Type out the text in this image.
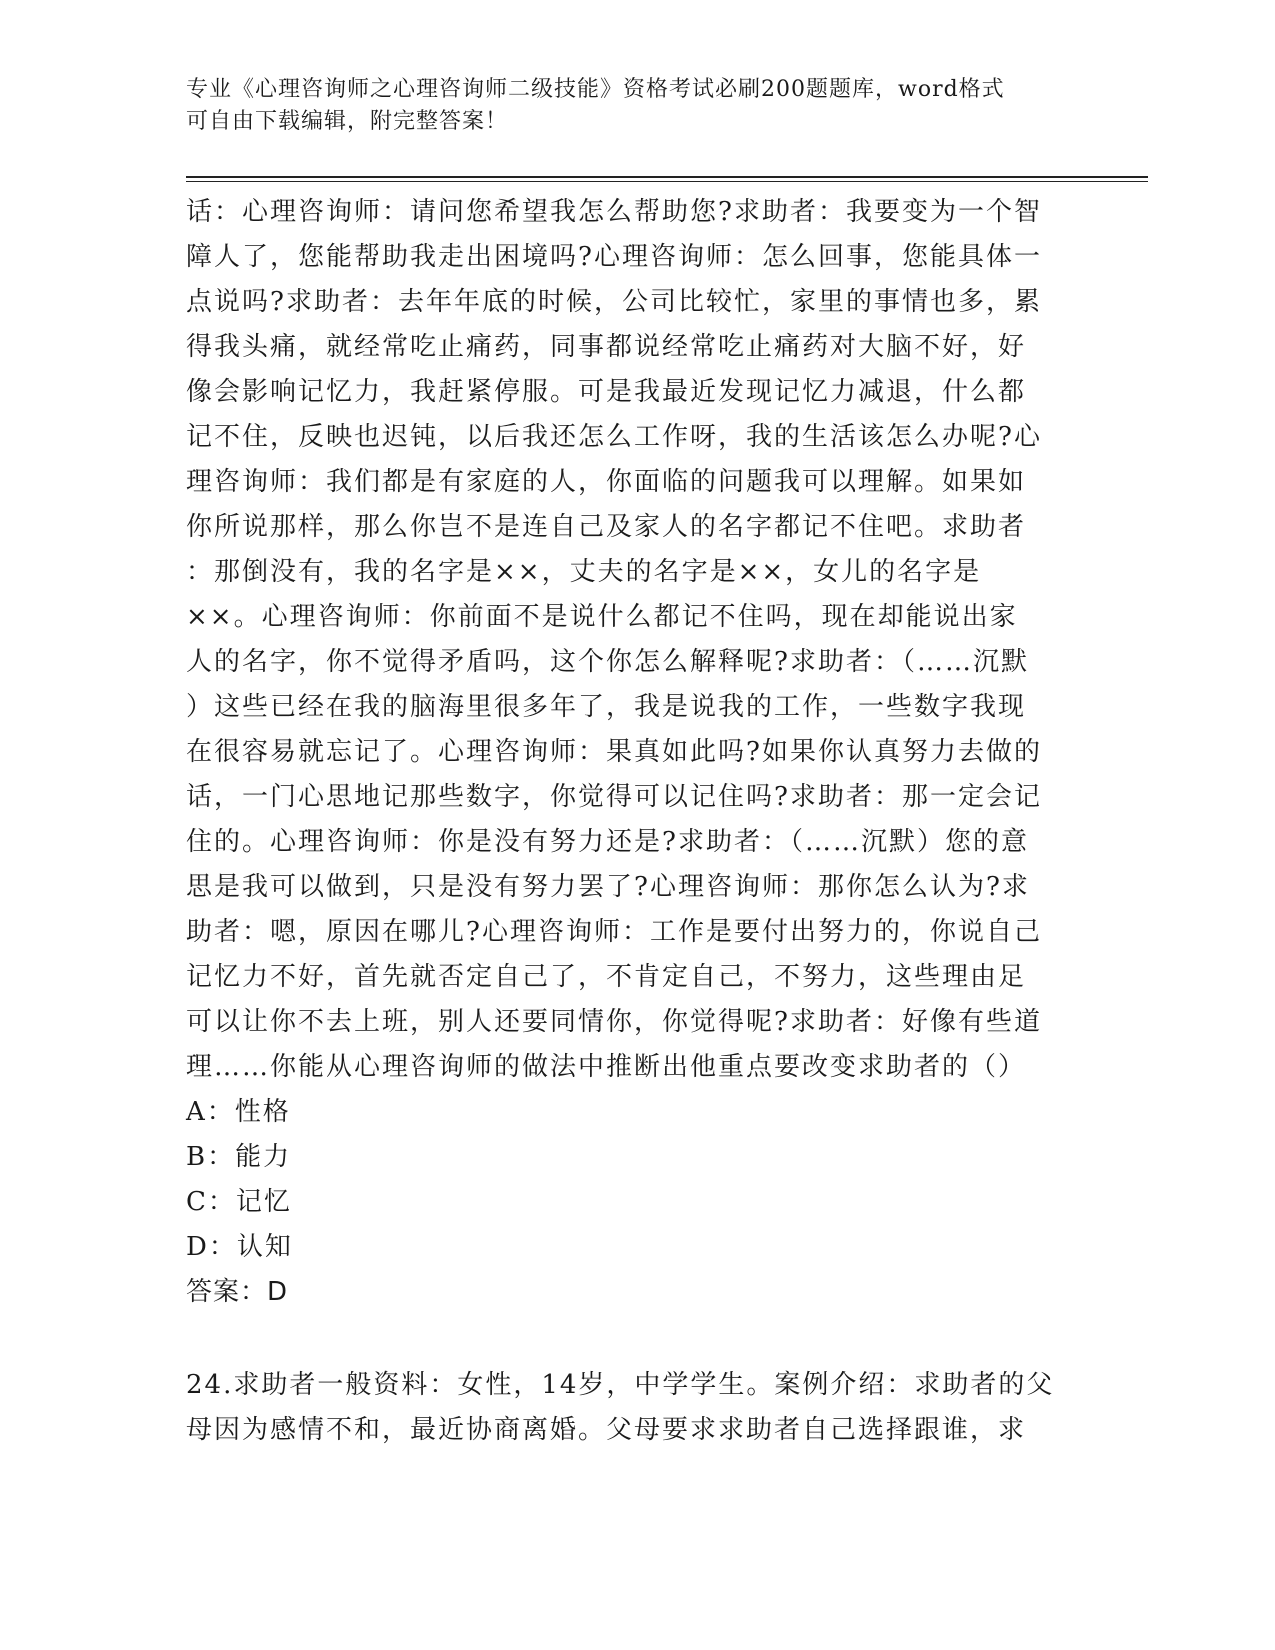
专业《心理咨询师之心理咨询师二级技能》资格考试必刷200题题库，word格式
可自由下载编辑，附完整答案！
话：心理咨询师：请问您希望我怎么帮助您?求助者：我要变为一个智
障人了，您能帮助我走出困境吗?心理咨询师：怎么回事，您能具体一
点说吗?求助者：去年年底的时候，公司比较忙，家里的事情也多，累
得我头痛，就经常吃止痛药，同事都说经常吃止痛药对大脑不好，好
像会影响记忆力，我赶紧停服。可是我最近发现记忆力减退，什么都
记不住，反映也迟钝，以后我还怎么工作呀，我的生活该怎么办呢?心
理咨询师：我们都是有家庭的人，你面临的问题我可以理解。如果如
你所说那样，那么你岂不是连自己及家人的名字都记不住吧。求助者
：那倒没有，我的名字是××，丈夫的名字是××，女儿的名字是
××。心理咨询师：你前面不是说什么都记不住吗，现在却能说出家
人的名字，你不觉得矛盾吗，这个你怎么解释呢?求助者：（……沉默
）这些已经在我的脑海里很多年了，我是说我的工作，一些数字我现
在很容易就忘记了。心理咨询师：果真如此吗?如果你认真努力去做的
话，一门心思地记那些数字，你觉得可以记住吗?求助者：那一定会记
住的。心理咨询师：你是没有努力还是?求助者：（……沉默）您的意
思是我可以做到，只是没有努力罢了?心理咨询师：那你怎么认为?求
助者：嗯，原因在哪儿?心理咨询师：工作是要付出努力的，你说自己
记忆力不好，首先就否定自己了，不肯定自己，不努力，这些理由足
可以让你不去上班，别人还要同情你，你觉得呢?求助者：好像有些道
理……你能从心理咨询师的做法中推断出他重点要改变求助者的（）
A：性格
B：能力
C：记忆
D：认知
答案：D
24.求助者一般资料：女性，14岁，中学学生。案例介绍：求助者的父
母因为感情不和，最近协商离婚。父母要求求助者自己选择跟谁，求
